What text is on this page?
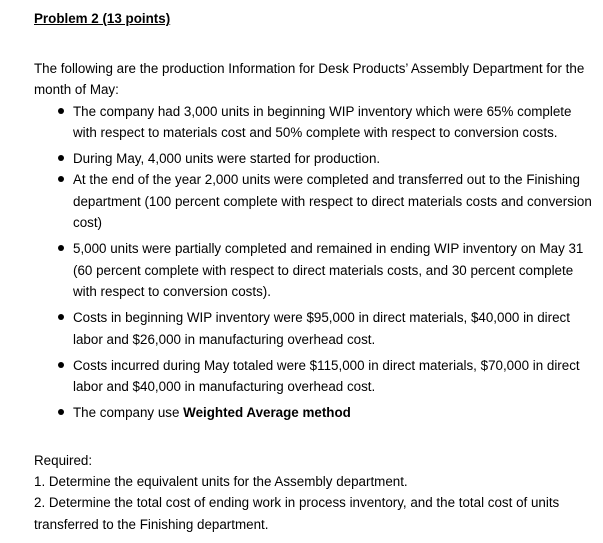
Problem 2 (13 points)

The following are the production Information for Desk Products’ Assembly Department for the month of May:

The company had 3,000 units in beginning WIP inventory which were 65% complete with respect to materials cost and 50% complete with respect to conversion costs.
During May, 4,000 units were started for production.
At the end of the year 2,000 units were completed and transferred out to the Finishing department (100 percent complete with respect to direct materials costs and conversion cost)
5,000 units were partially completed and remained in ending WIP inventory on May 31 (60 percent complete with respect to direct materials costs, and 30 percent complete with respect to conversion costs).
Costs in beginning WIP inventory were $95,000 in direct materials, $40,000 in direct labor and $26,000 in manufacturing overhead cost.
Costs incurred during May totaled were $115,000 in direct materials, $70,000 in direct labor and $40,000 in manufacturing overhead cost.
The company use Weighted Average method

Required:

1. Determine the equivalent units for the Assembly department.

2. Determine the total cost of ending work in process inventory, and the total cost of units transferred to the Finishing department.
